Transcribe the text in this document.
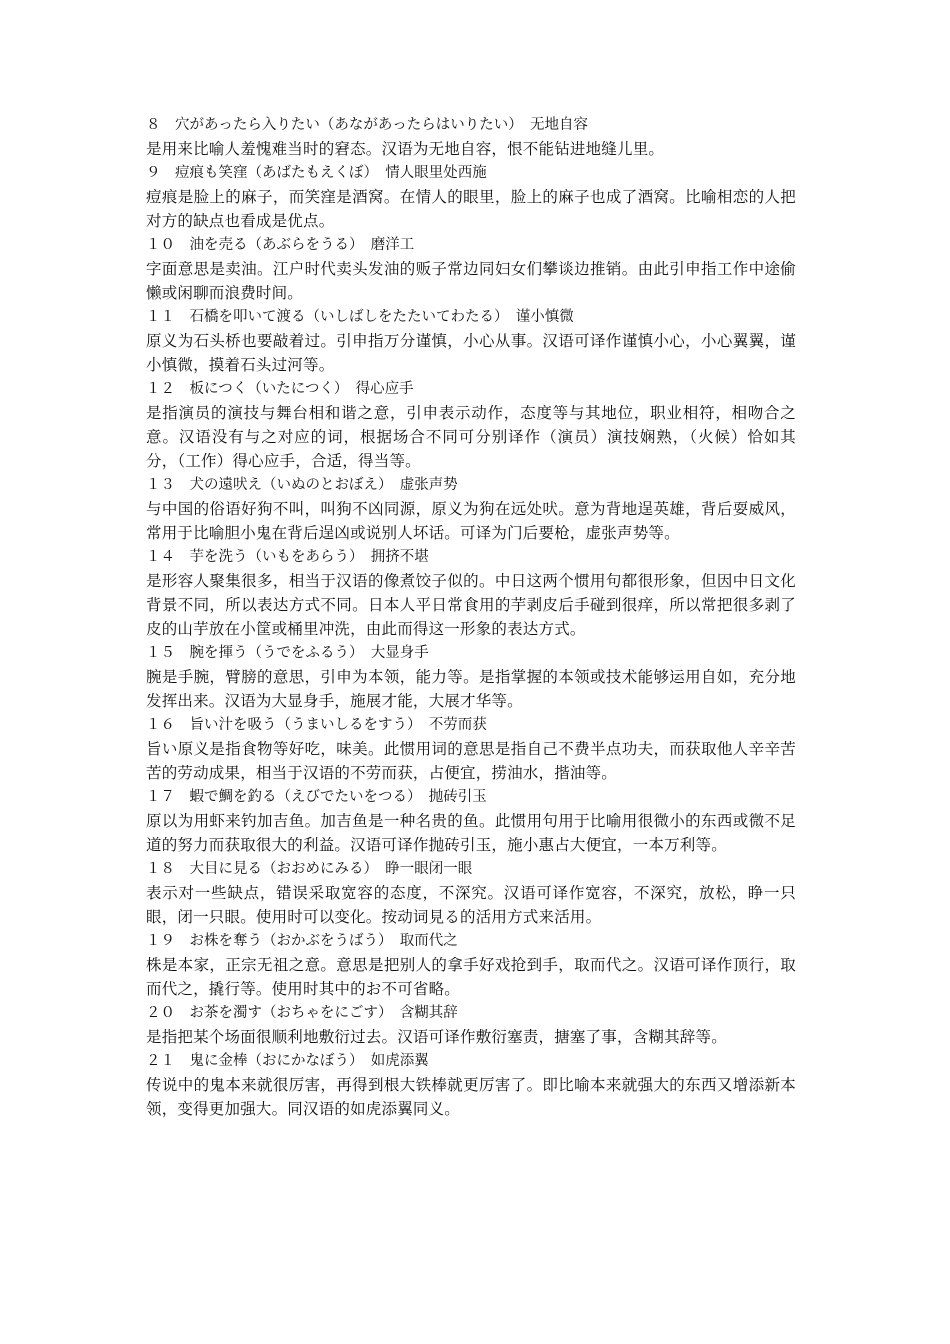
８　穴があったら入りたい（あながあったらはいりたい）　无地自容
是用来比喻人羞愧难当时的窘态。汉语为无地自容，恨不能钻进地缝儿里。
９　痘痕も笑窪（あばたもえくぼ）　情人眼里处西施
痘痕是脸上的麻子，而笑窪是酒窝。在情人的眼里，脸上的麻子也成了酒窝。比喻相恋的人把对方的缺点也看成是优点。
１０　油を売る（あぶらをうる）　磨洋工
字面意思是卖油。江户时代卖头发油的贩子常边同妇女们攀谈边推销。由此引申指工作中途偷懒或闲聊而浪费时间。
１１　石橋を叩いて渡る（いしばしをたたいてわたる）　谨小慎微
原义为石头桥也要敲着过。引申指万分谨慎，小心从事。汉语可译作谨慎小心，小心翼翼，谨小慎微，摸着石头过河等。
１２　板につく（いたにつく）　得心应手
是指演员的演技与舞台相和谐之意，引申表示动作，态度等与其地位，职业相符，相吻合之意。汉语没有与之对应的词，根据场合不同可分别译作（演员）演技娴熟，（火候）恰如其分，（工作）得心应手，合适，得当等。
１３　犬の遠吠え（いぬのとおぼえ）　虚张声势
与中国的俗语好狗不叫，叫狗不凶同源，原义为狗在远处吠。意为背地逞英雄，背后耍威风，常用于比喻胆小鬼在背后逞凶或说别人坏话。可译为门后要枪，虚张声势等。
１４　芋を洗う（いもをあらう）　拥挤不堪
是形容人聚集很多，相当于汉语的像煮饺子似的。中日这两个惯用句都很形象，但因中日文化背景不同，所以表达方式不同。日本人平日常食用的芋剥皮后手碰到很痒，所以常把很多剥了皮的山芋放在小筐或桶里冲洗，由此而得这一形象的表达方式。
１５　腕を揮う（うでをふるう）　大显身手
腕是手腕，臂膀的意思，引申为本领，能力等。是指掌握的本领或技术能够运用自如，充分地发挥出来。汉语为大显身手，施展才能，大展才华等。
１６　旨い汁を吸う（うまいしるをすう）　不劳而获
旨い原义是指食物等好吃，味美。此惯用词的意思是指自己不费半点功夫，而获取他人辛辛苦苦的劳动成果，相当于汉语的不劳而获，占便宜，捞油水，揩油等。
１７　蝦で鯛を釣る（えびでたいをつる）　抛砖引玉
原以为用虾来钓加吉鱼。加吉鱼是一种名贵的鱼。此惯用句用于比喻用很微小的东西或微不足道的努力而获取很大的利益。汉语可译作抛砖引玉，施小惠占大便宜，一本万利等。
１８　大目に見る（おおめにみる）　睁一眼闭一眼
表示对一些缺点，错误采取宽容的态度，不深究。汉语可译作宽容，不深究，放松，睁一只眼，闭一只眼。使用时可以变化。按动词見る的活用方式来活用。
１９　お株を奪う（おかぶをうばう）　取而代之
株是本家，正宗无祖之意。意思是把别人的拿手好戏抢到手，取而代之。汉语可译作顶行，取而代之，撬行等。使用时其中的お不可省略。
２０　お茶を濁す（おちゃをにごす）　含糊其辞
是指把某个场面很顺利地敷衍过去。汉语可译作敷衍塞责，搪塞了事，含糊其辞等。
２１　鬼に金棒（おにかなぼう）　如虎添翼
传说中的鬼本来就很厉害，再得到根大铁棒就更厉害了。即比喻本来就强大的东西又增添新本领，变得更加强大。同汉语的如虎添翼同义。
